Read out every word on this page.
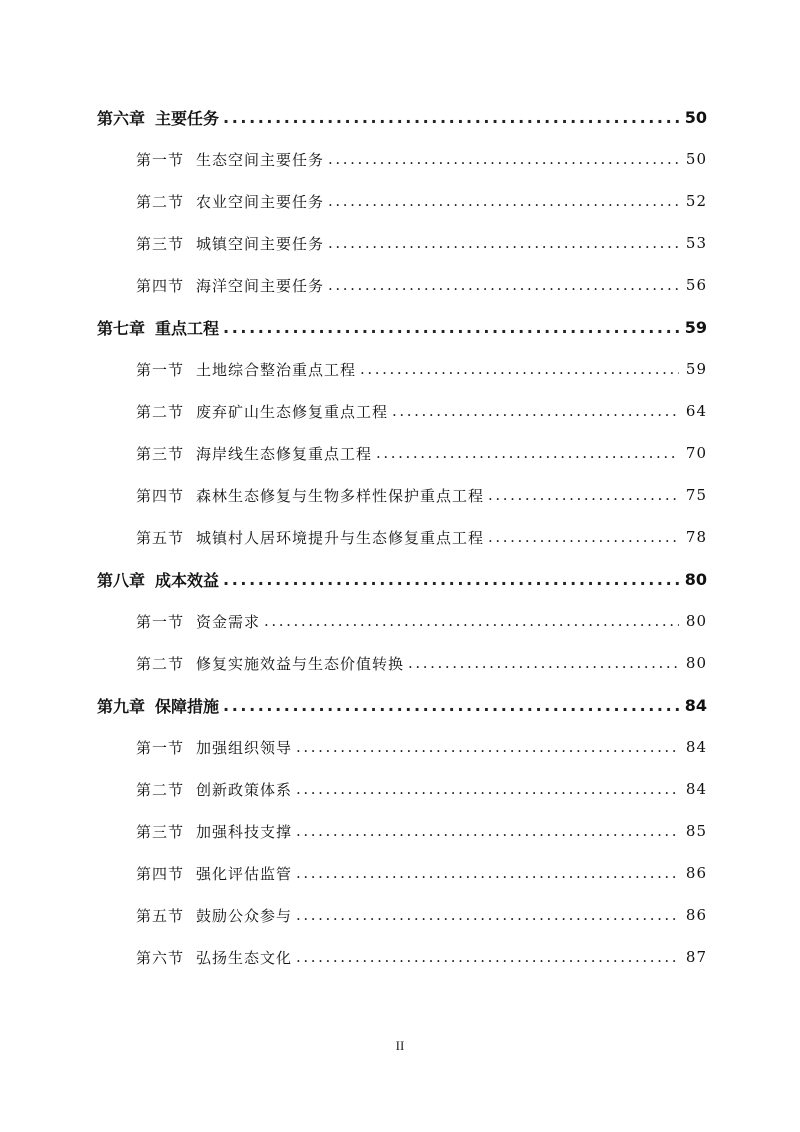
第六章 主要任务 .....	50
第一节 生态空间主要任务 .....	50
第二节 农业空间主要任务 .....	52
第三节 城镇空间主要任务 .....	53
第四节 海洋空间主要任务 .....	56
第七章 重点工程 .....	59
第一节 土地综合整治重点工程 .....	59
第二节 废弃矿山生态修复重点工程 .....	64
第三节 海岸线生态修复重点工程 .....	70
第四节 森林生态修复与生物多样性保护重点工程 .....	75
第五节 城镇村人居环境提升与生态修复重点工程 .....	78
第八章 成本效益 .....	80
第一节 资金需求 .....	80
第二节 修复实施效益与生态价值转换 .....	80
第九章 保障措施 .....	84
第一节 加强组织领导 .....	84
第二节 创新政策体系 .....	84
第三节 加强科技支撑 .....	85
第四节 强化评估监管 .....	86
第五节 鼓励公众参与 .....	86
第六节 弘扬生态文化 .....	87
II
